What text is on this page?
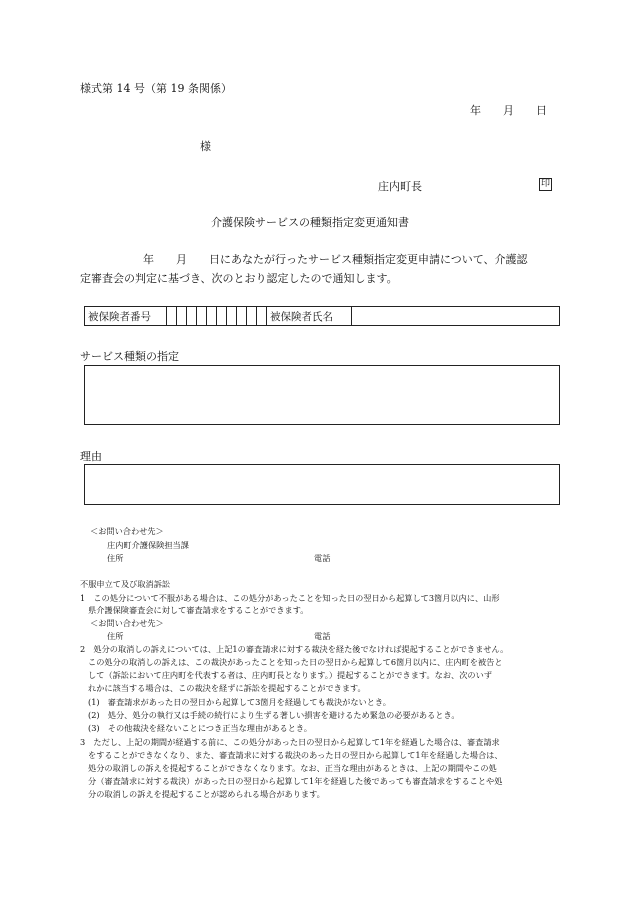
様式第 14 号（第 19 条関係）
年　　月　　日
様
庄内町長	印
介護保険サービスの種類指定変更通知書
年　　月　　日にあなたが行ったサービス種類指定変更申請について、介護認
定審査会の判定に基づき、次のとおり認定したので通知します。
被保険者番号											被保険者氏名	
サービス種類の指定
理由
＜お問い合わせ先＞
庄内町介護保険担当課
住所	電話
不服申立て及び取消訴訟
1　この処分について不服がある場合は、この処分があったことを知った日の翌日から起算して3箇月以内に、山形
県介護保険審査会に対して審査請求をすることができます。
＜お問い合わせ先＞
住所	電話
2　処分の取消しの訴えについては、上記1の審査請求に対する裁決を経た後でなければ提起することができません。
この処分の取消しの訴えは、この裁決があったことを知った日の翌日から起算して6箇月以内に、庄内町を被告と
して（訴訟において庄内町を代表する者は、庄内町長となります。）提起することができます。なお、次のいず
れかに該当する場合は、この裁決を経ずに訴訟を提起することができます。
(1)　審査請求があった日の翌日から起算して3箇月を経過しても裁決がないとき。
(2)　処分、処分の執行又は手続の続行により生ずる著しい損害を避けるため緊急の必要があるとき。
(3)　その他裁決を経ないことにつき正当な理由があるとき。
3　ただし、上記の期間が経過する前に、この処分があった日の翌日から起算して1年を経過した場合は、審査請求
をすることができなくなり、また、審査請求に対する裁決のあった日の翌日から起算して1年を経過した場合は、
処分の取消しの訴えを提起することができなくなります。なお、正当な理由があるときは、上記の期間やこの処
分（審査請求に対する裁決）があった日の翌日から起算して1年を経過した後であっても審査請求をすることや処
分の取消しの訴えを提起することが認められる場合があります。
